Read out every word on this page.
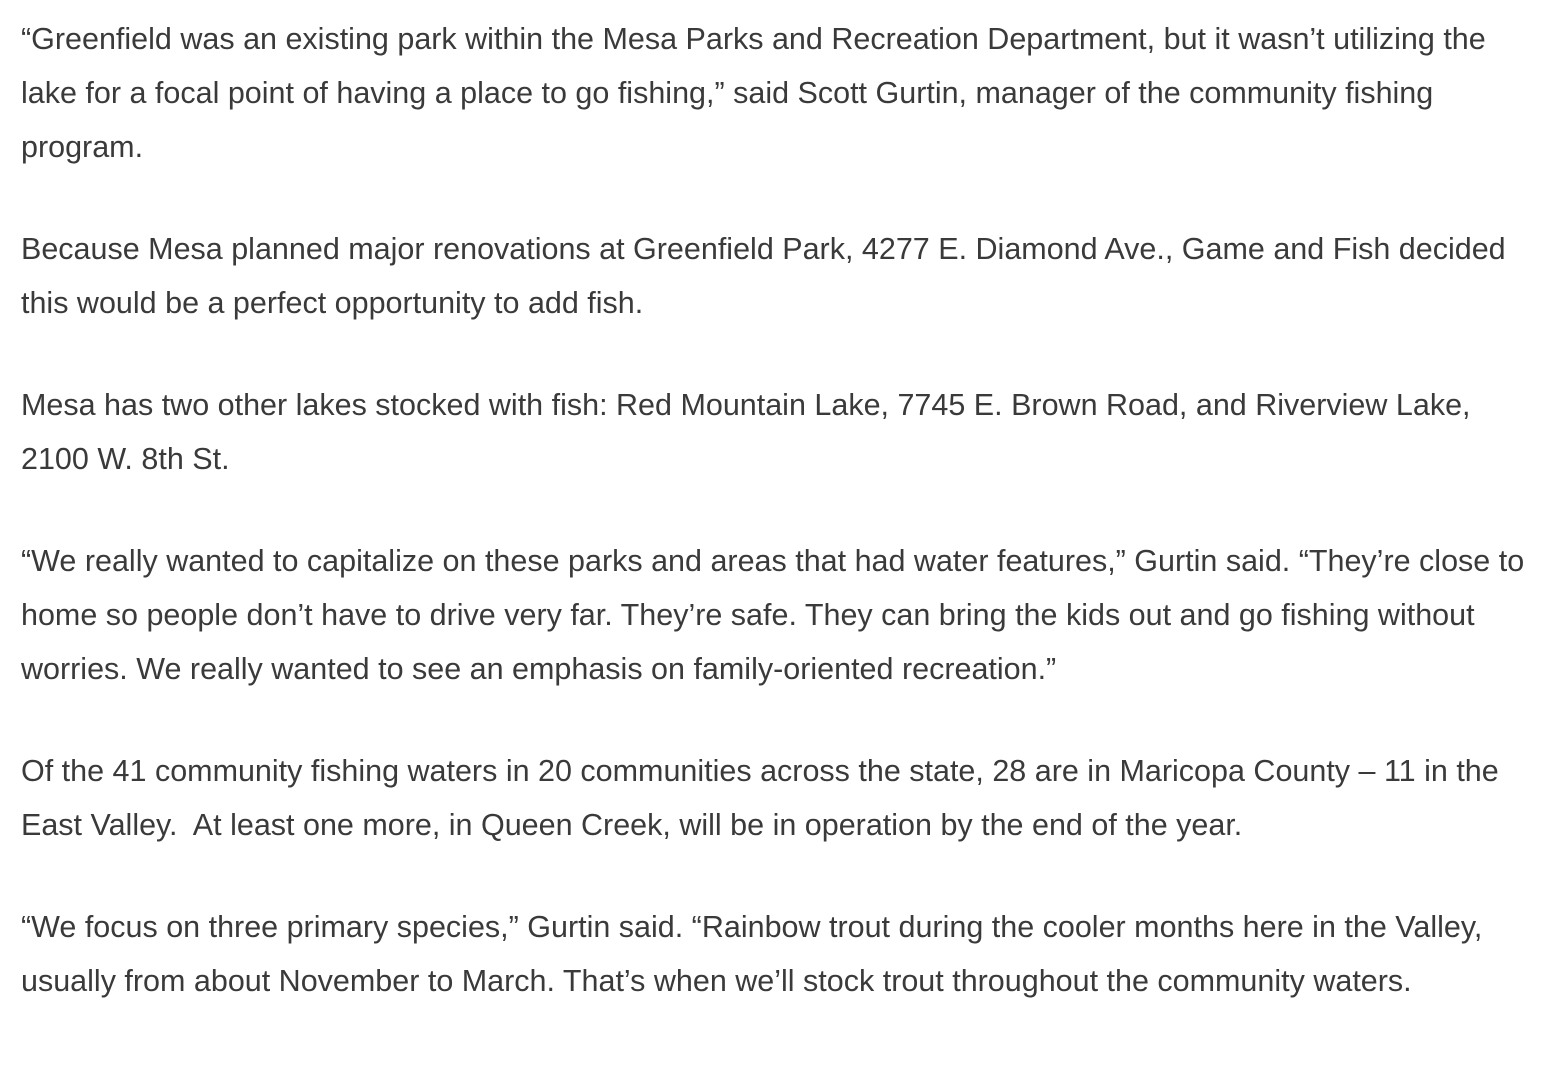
“Greenfield was an existing park within the Mesa Parks and Recreation Department, but it wasn’t utilizing the lake for a focal point of having a place to go fishing,” said Scott Gurtin, manager of the community fishing program.

Because Mesa planned major renovations at Greenfield Park, 4277 E. Diamond Ave., Game and Fish decided this would be a perfect opportunity to add fish.

Mesa has two other lakes stocked with fish: Red Mountain Lake, 7745 E. Brown Road, and Riverview Lake, 2100 W. 8th St.

“We really wanted to capitalize on these parks and areas that had water features,” Gurtin said. “They’re close to home so people don’t have to drive very far. They’re safe. They can bring the kids out and go fishing without worries. We really wanted to see an emphasis on family-oriented recreation.”

Of the 41 community fishing waters in 20 communities across the state, 28 are in Maricopa County – 11 in the East Valley.  At least one more, in Queen Creek, will be in operation by the end of the year.

“We focus on three primary species,” Gurtin said. “Rainbow trout during the cooler months here in the Valley, usually from about November to March. That’s when we’ll stock trout throughout the community waters.
